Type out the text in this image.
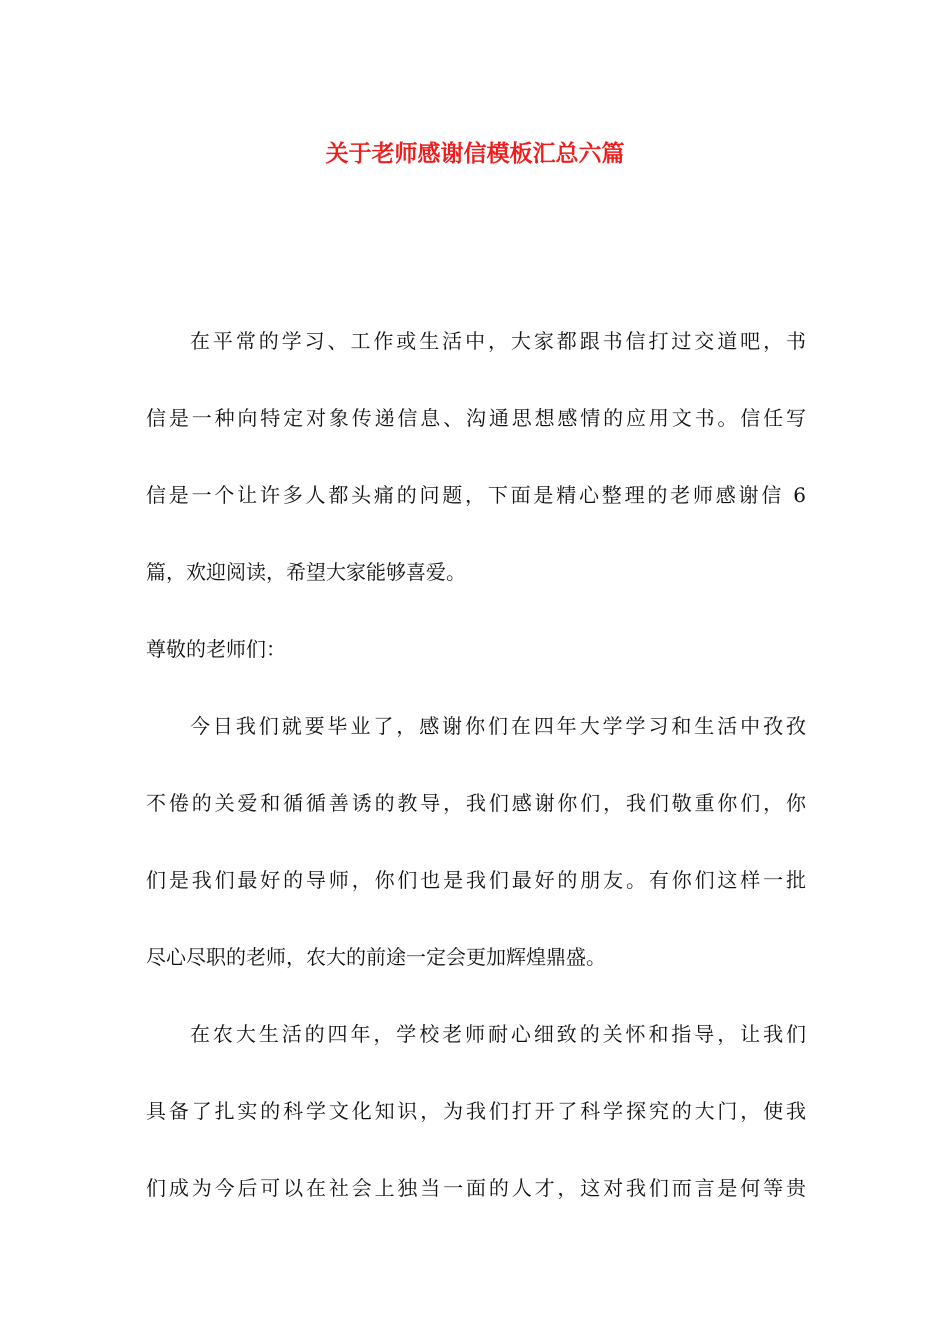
关于老师感谢信模板汇总六篇
在平常的学习、工作或生活中，大家都跟书信打过交道吧，书
信是一种向特定对象传递信息、沟通思想感情的应用文书。信任写
信是一个让许多人都头痛的问题，下面是精心整理的老师感谢信 6
篇，欢迎阅读，希望大家能够喜爱。
尊敬的老师们：
今日我们就要毕业了，感谢你们在四年大学学习和生活中孜孜
不倦的关爱和循循善诱的教导，我们感谢你们，我们敬重你们，你
们是我们最好的导师，你们也是我们最好的朋友。有你们这样一批
尽心尽职的老师，农大的前途一定会更加辉煌鼎盛。
在农大生活的四年，学校老师耐心细致的关怀和指导，让我们
具备了扎实的科学文化知识，为我们打开了科学探究的大门，使我
们成为今后可以在社会上独当一面的人才，这对我们而言是何等贵
